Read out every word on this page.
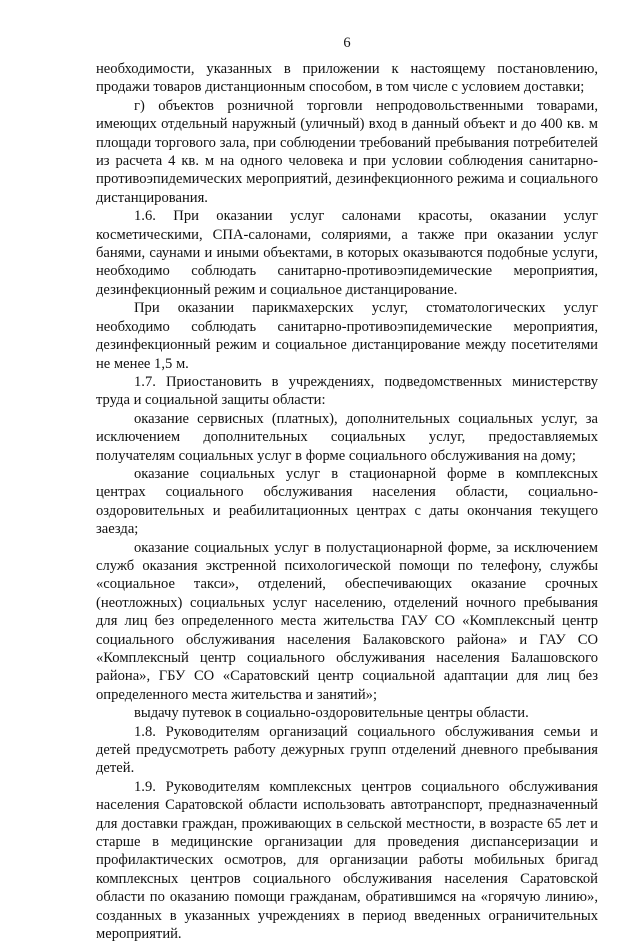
6

необходимости, указанных в приложении к настоящему постановлению, продажи товаров дистанционным способом, в том числе с условием доставки;

г) объектов розничной торговли непродовольственными товарами, имеющих отдельный наружный (уличный) вход в данный объект и до 400 кв. м площади торгового зала, при соблюдении требований пребывания потребителей из расчета 4 кв. м на одного человека и при условии соблюдения санитарно-противоэпидемических мероприятий, дезинфекционного режима и социального дистанцирования.

1.6. При оказании услуг салонами красоты, оказании услуг косметическими, СПА-салонами, соляриями, а также при оказании услуг банями, саунами и иными объектами, в которых оказываются подобные услуги, необходимо соблюдать санитарно-противоэпидемические мероприятия, дезинфекционный режим и социальное дистанцирование.

При оказании парикмахерских услуг, стоматологических услуг необходимо соблюдать санитарно-противоэпидемические мероприятия, дезинфекционный режим и социальное дистанцирование между посетителями не менее 1,5 м.

1.7. Приостановить в учреждениях, подведомственных министерству труда и социальной защиты области:

оказание сервисных (платных), дополнительных социальных услуг, за исключением дополнительных социальных услуг, предоставляемых получателям социальных услуг в форме социального обслуживания на дому;

оказание социальных услуг в стационарной форме в комплексных центрах социального обслуживания населения области, социально-оздоровительных и реабилитационных центрах с даты окончания текущего заезда;

оказание социальных услуг в полустационарной форме, за исключением служб оказания экстренной психологической помощи по телефону, службы «социальное такси», отделений, обеспечивающих оказание срочных (неотложных) социальных услуг населению, отделений ночного пребывания для лиц без определенного места жительства ГАУ СО «Комплексный центр социального обслуживания населения Балаковского района» и ГАУ СО «Комплексный центр социального обслуживания населения Балашовского района», ГБУ СО «Саратовский центр социальной адаптации для лиц без определенного места жительства и занятий»;

выдачу путевок в социально-оздоровительные центры области.

1.8. Руководителям организаций социального обслуживания семьи и детей предусмотреть работу дежурных групп отделений дневного пребывания детей.

1.9. Руководителям комплексных центров социального обслуживания населения Саратовской области использовать автотранспорт, предназначенный для доставки граждан, проживающих в сельской местности, в возрасте 65 лет и старше в медицинские организации для проведения диспансеризации и профилактических осмотров, для организации работы мобильных бригад комплексных центров социального обслуживания населения Саратовской области по оказанию помощи гражданам, обратившимся на «горячую линию», созданных в указанных учреждениях в период введенных ограничительных мероприятий.
